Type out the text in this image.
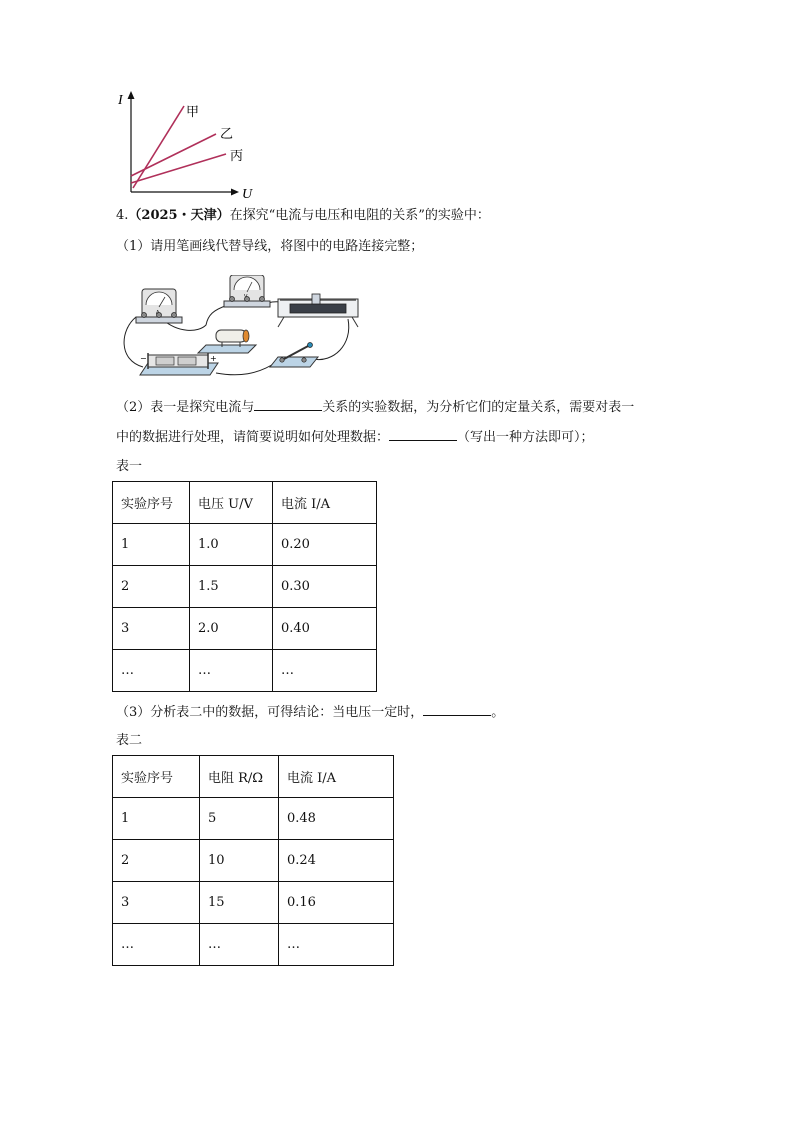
I
U
甲
乙
丙
4.（2025・天津）在探究“电流与电压和电阻的关系”的实验中：
（1）请用笔画线代替导线，将图中的电路连接完整；
−	+
（2）表一是探究电流与	关系的实验数据，为分析它们的定量关系，需要对表一
中的数据进行处理，请简要说明如何处理数据：	（写出一种方法即可）；
表一
实验序号	电压 U/V	电流 I/A
1	1.0	0.20
2	1.5	0.30
3	2.0	0.40
…	…	…
（3）分析表二中的数据，可得结论：当电压一定时，	。
表二
实验序号	电阻 R/Ω	电流 I/A
1	5	0.48
2	10	0.24
3	15	0.16
…	…	…
